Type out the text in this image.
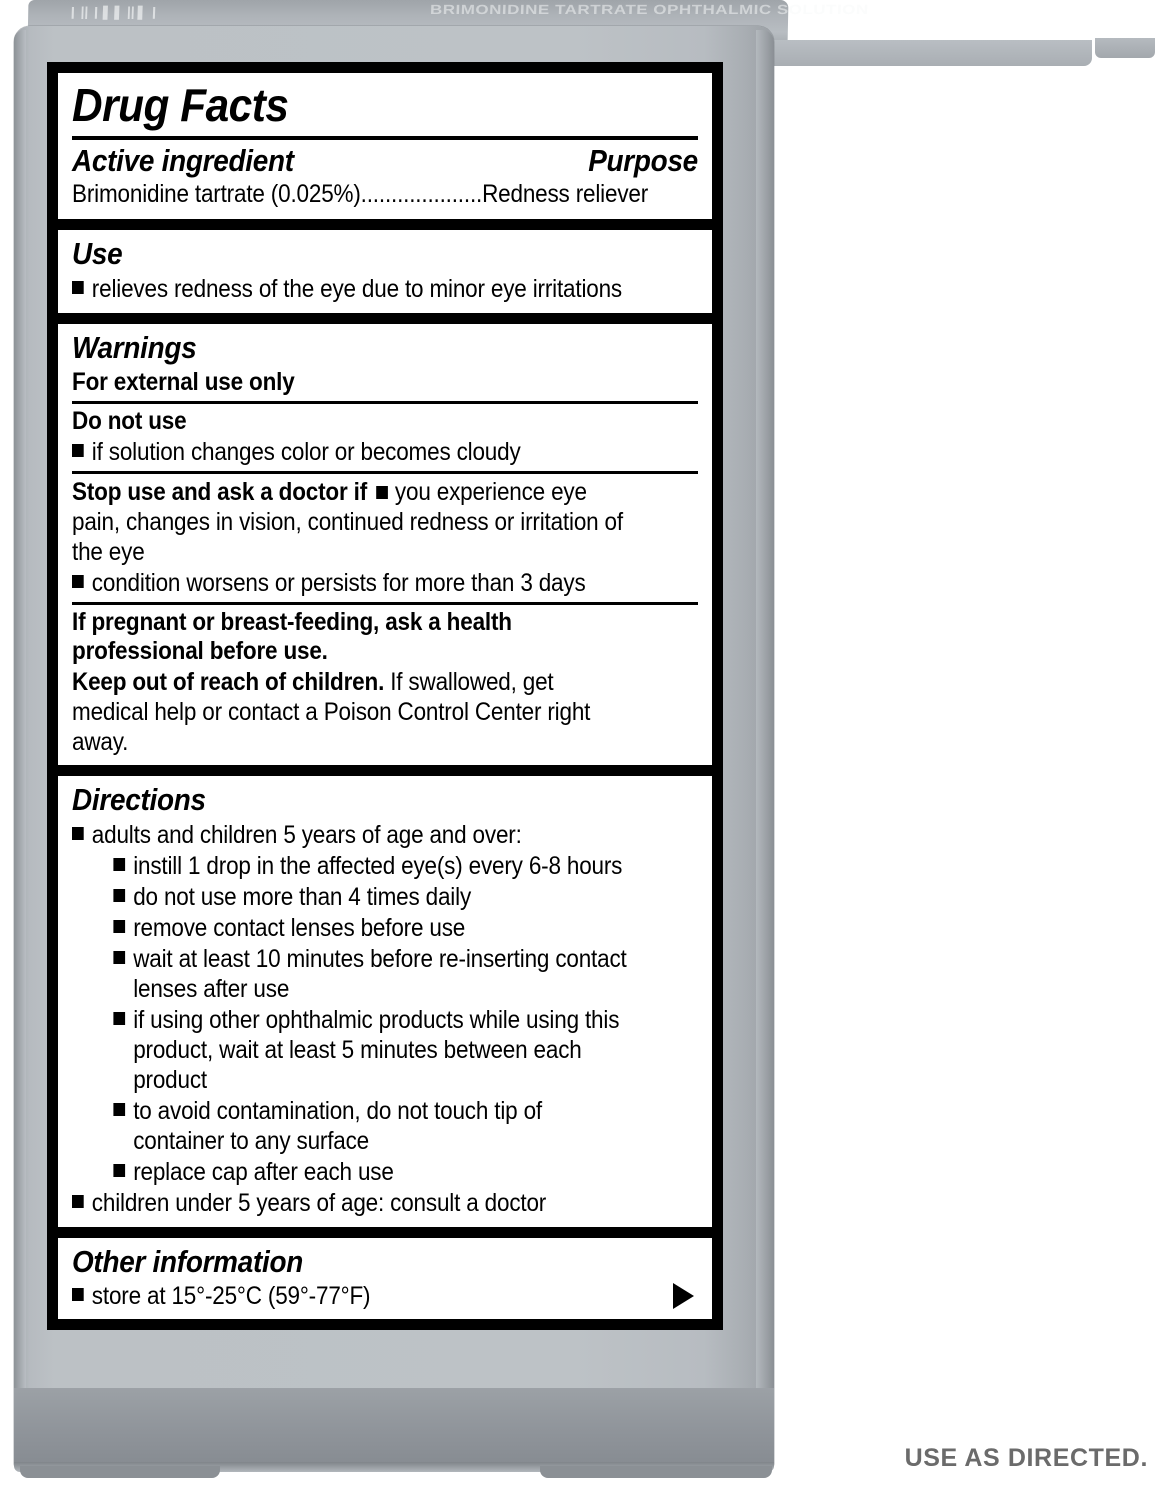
|‖|▌▌‖▌|	BRIMONIDINE TARTRATE OPHTHALMIC SOLUTION
Drug Facts
Active ingredient	Purpose
Brimonidine tartrate (0.025%)....................Redness reliever
Use
relieves redness of the eye due to minor eye irritations
Warnings
For external use only
Do not use
if solution changes color or becomes cloudy
Stop use and ask a doctor if you experience eye pain, changes in vision, continued redness or irritation of the eye
condition worsens or persists for more than 3 days
If pregnant or breast-feeding, ask a health professional before use.
Keep out of reach of children. If swallowed, get medical help or contact a Poison Control Center right away.
Directions
adults and children 5 years of age and over:
instill 1 drop in the affected eye(s) every 6-8 hours
do not use more than 4 times daily
remove contact lenses before use
wait at least 10 minutes before re-inserting contact lenses after use
if using other ophthalmic products while using this product, wait at least 5 minutes between each product
to avoid contamination, do not touch tip of container to any surface
replace cap after each use
children under 5 years of age: consult a doctor
Other information
store at 15°-25°C (59°-77°F)
USE AS DIRECTED.
